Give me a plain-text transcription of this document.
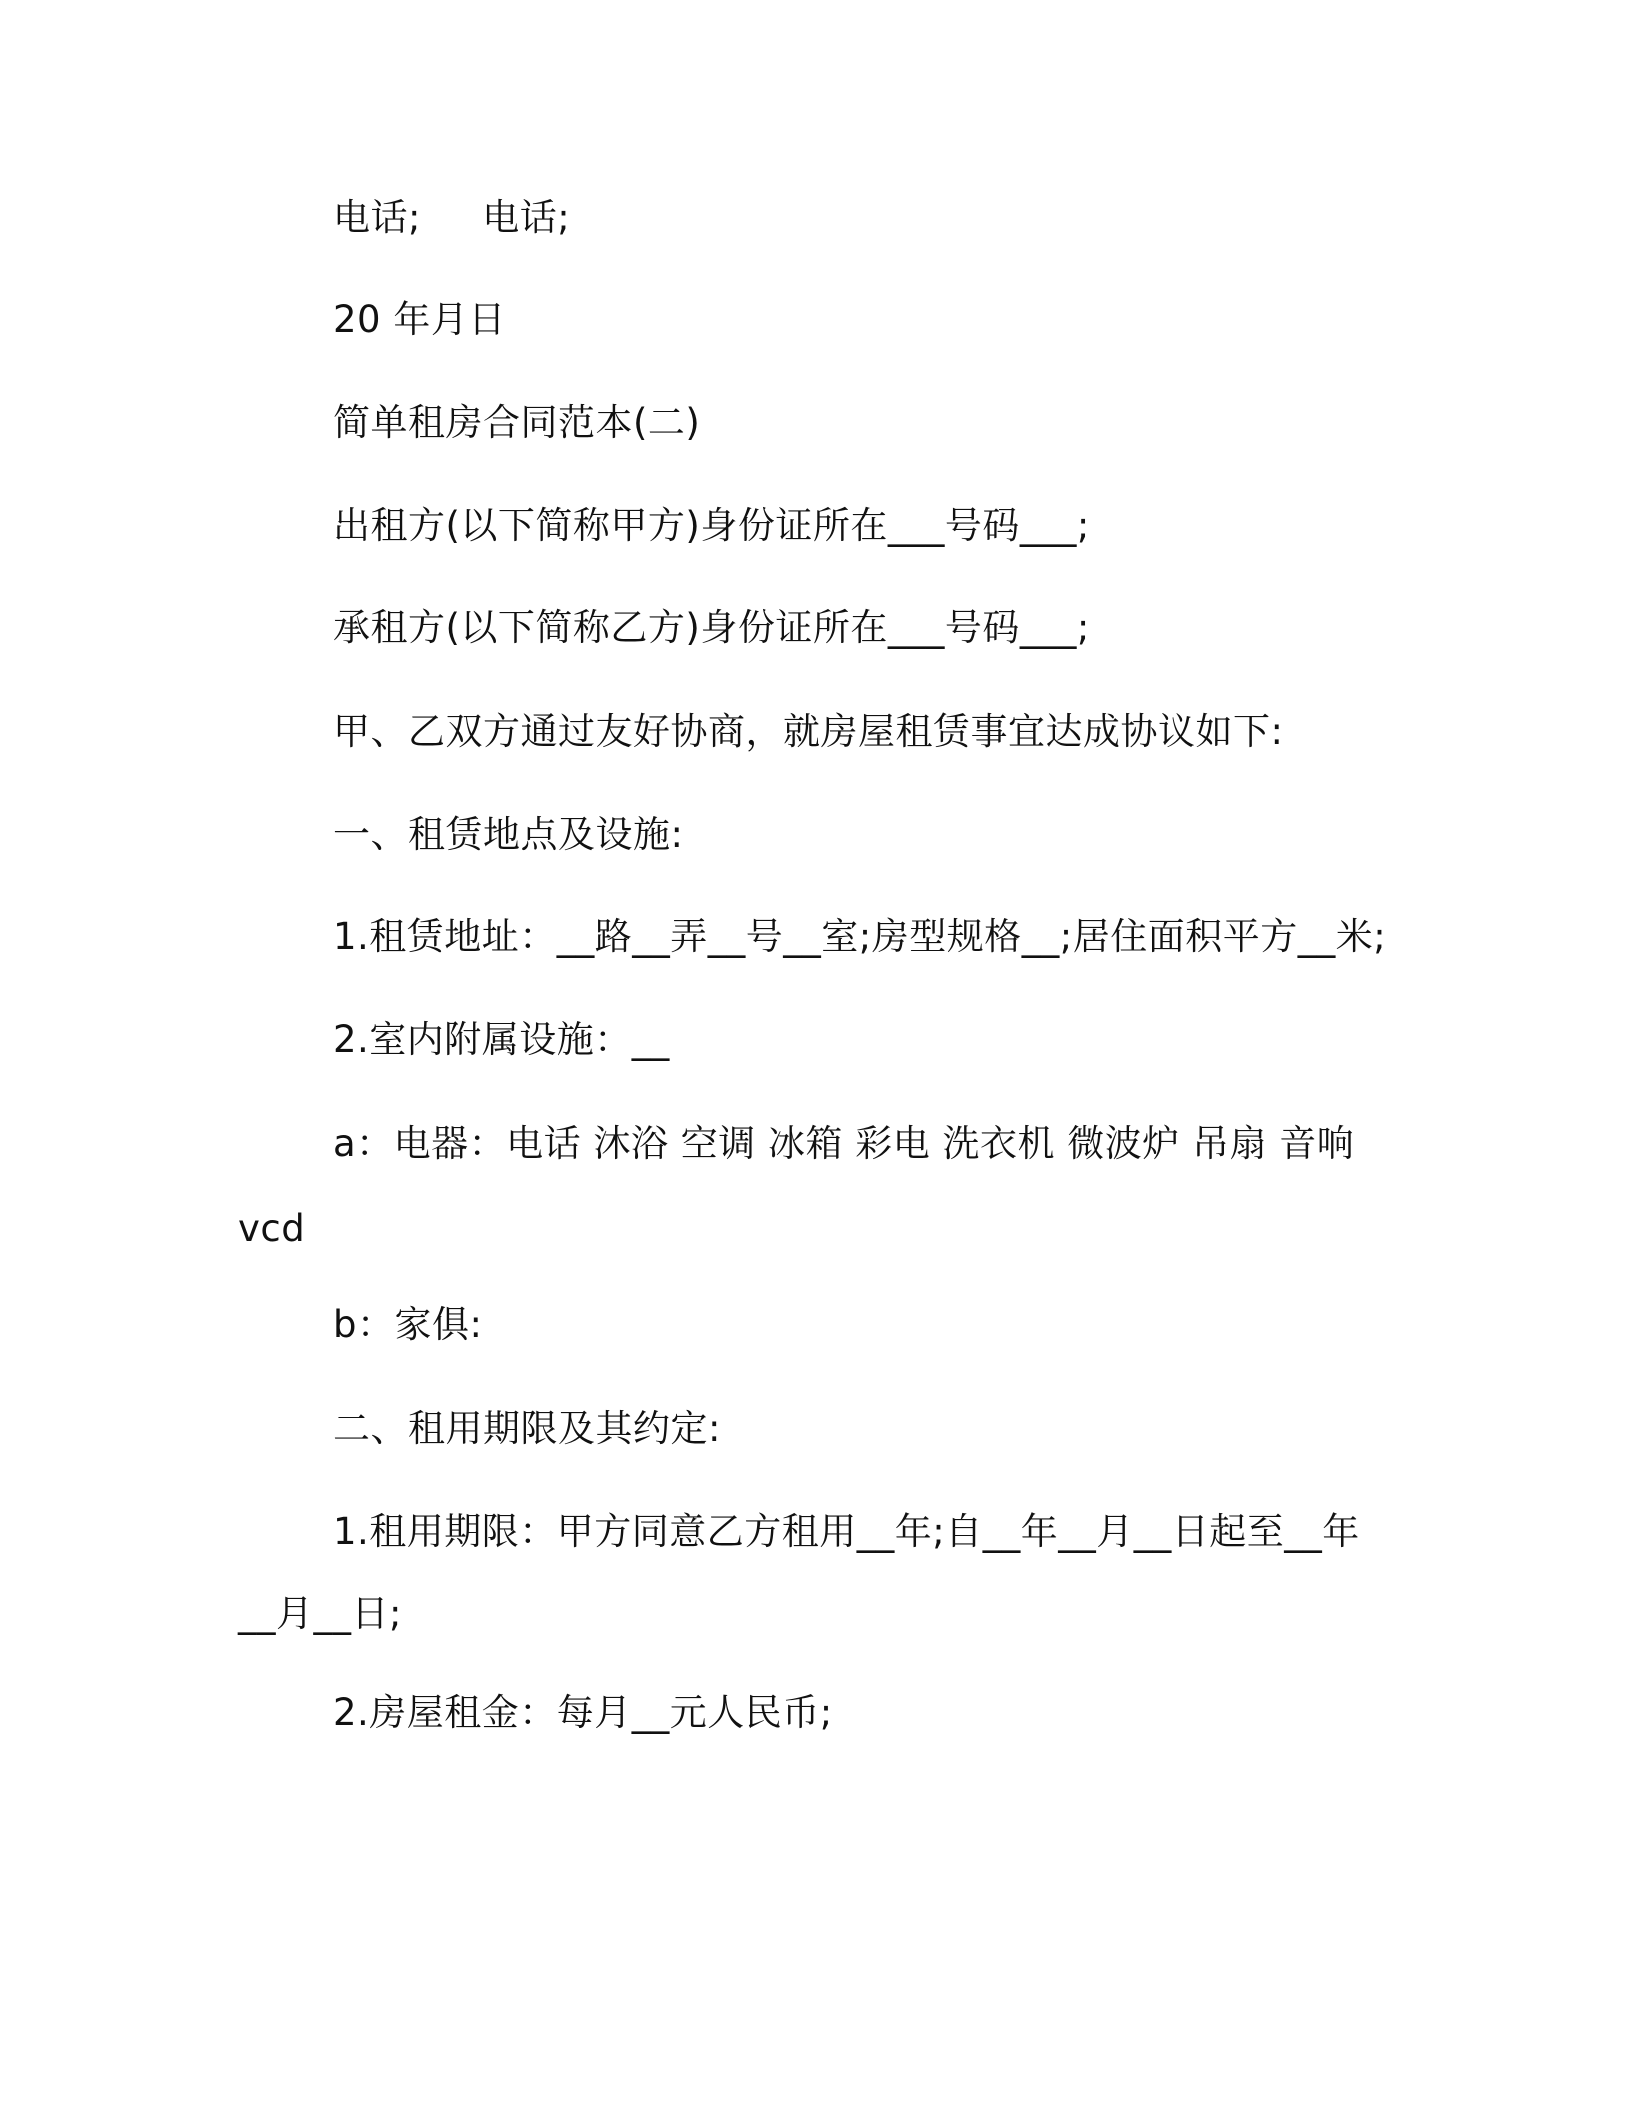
电话;     电话;
20 年月日
简单租房合同范本(二)
出租方(以下简称甲方)身份证所在___号码___;
承租方(以下简称乙方)身份证所在___号码___;
甲、乙双方通过友好协商，就房屋租赁事宜达成协议如下:
一、租赁地点及设施:
1.租赁地址：__路__弄__号__室;房型规格__;居住面积平方__米;
2.室内附属设施：__
a：电器：电话 沐浴 空调 冰箱 彩电 洗衣机 微波炉 吊扇 音响
vcd
b：家俱:
二、租用期限及其约定:
1.租用期限：甲方同意乙方租用__年;自__年__月__日起至__年
__月__日;
2.房屋租金：每月__元人民币;
